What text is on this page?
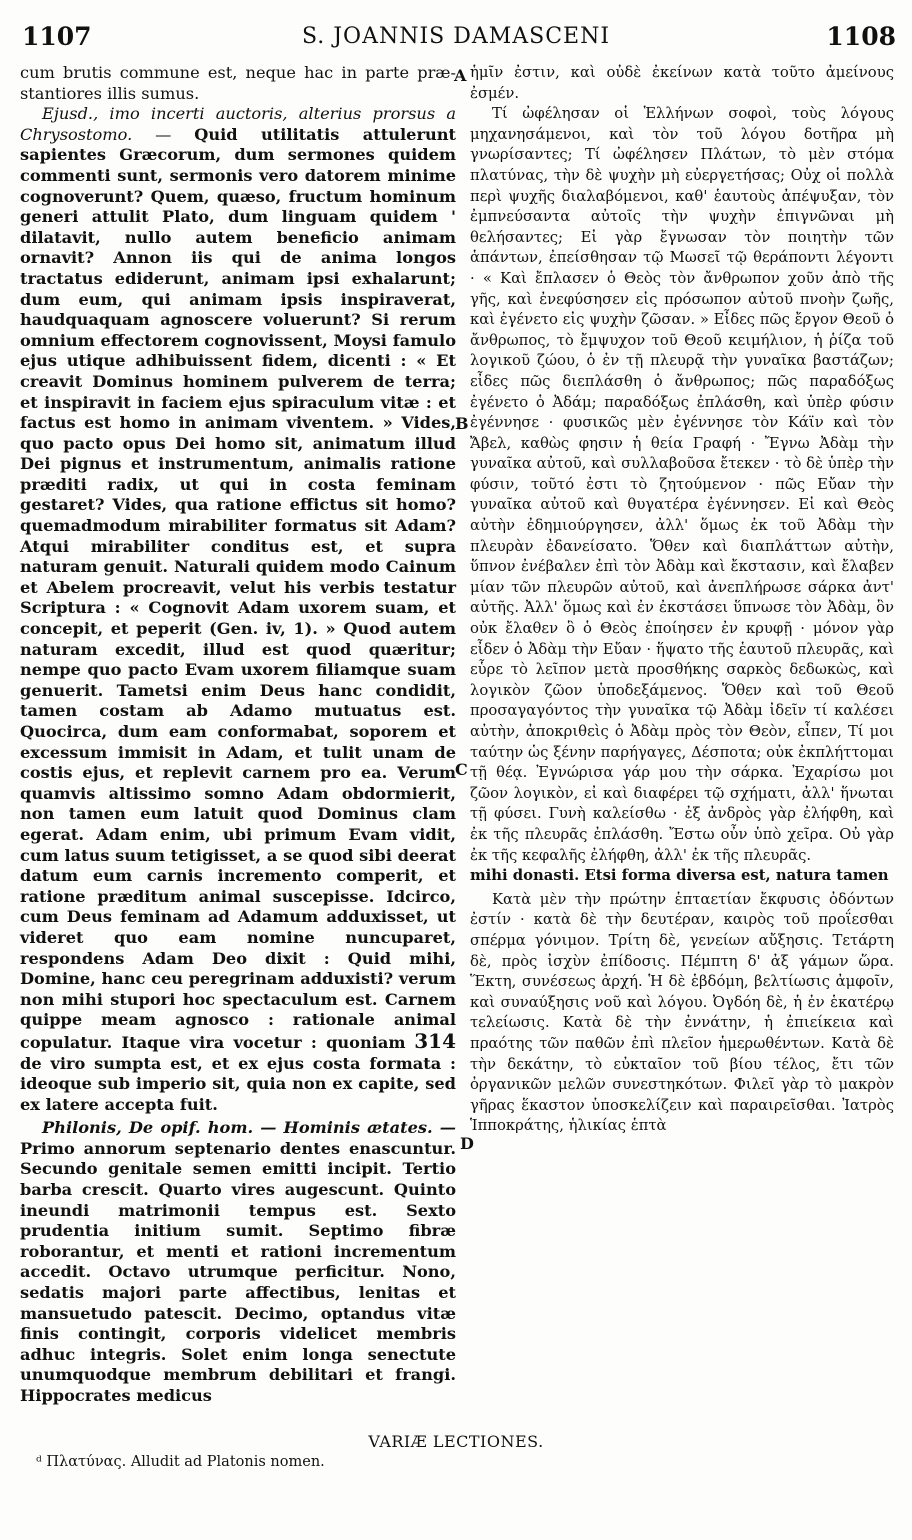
1107	S. JOANNIS DAMASCENI	1108

cum brutis commune est, neque hac in parte præ-stantiores illis sumus.

Ejusd., imo incerti auctoris, alterius prorsus a Chrysostomo. — Quid utilitatis attulerunt sapientes Græcorum, dum sermones quidem commenti sunt, sermonis vero datorem minime cognoverunt? Quem, quæso, fructum hominum generi attulit Plato, dum linguam quidem ' dilatavit, nullo autem beneficio animam ornavit? Annon iis qui de anima longos tractatus ediderunt, animam ipsi exhalarunt; dum eum, qui animam ipsis inspiraverat, haudquaquam agnoscere voluerunt? Si rerum omnium effectorem cognovissent, Moysi famulo ejus utique adhibuissent fidem, dicenti : « Et creavit Dominus hominem pulverem de terra; et inspiravit in faciem ejus spiraculum vitæ : et factus est homo in animam viventem. » Vides, quo pacto opus Dei homo sit, animatum illud Dei pignus et instrumentum, animalis ratione præditi radix, ut qui in costa feminam gestaret? Vides, qua ratione effictus sit homo? quemadmodum mirabiliter formatus sit Adam? Atqui mirabiliter conditus est, et supra naturam genuit. Naturali quidem modo Cainum et Abelem procreavit, velut his verbis testatur Scriptura : « Cognovit Adam uxorem suam, et concepit, et peperit (Gen. iv, 1). » Quod autem naturam excedit, illud est quod quæritur; nempe quo pacto Evam uxorem filiamque suam genuerit. Tametsi enim Deus hanc condidit, tamen costam ab Adamo mutuatus est. Quocirca, dum eam conformabat, soporem et excessum immisit in Adam, et tulit unam de costis ejus, et replevit carnem pro ea. Verum quamvis altissimo somno Adam obdormierit, non tamen eum latuit quod Dominus clam egerat. Adam enim, ubi primum Evam vidit, cum latus suum tetigisset, a se quod sibi deerat datum eum carnis incremento comperit, et ratione præditum animal suscepisse. Idcirco, cum Deus feminam ad Adamum adduxisset, ut videret quo eam nomine nuncuparet, respondens Adam Deo dixit : Quid mihi, Domine, hanc ceu peregrinam adduxisti? verum non mihi stupori hoc spectaculum est. Carnem quippe meam agnosco : rationale animal copulatur. Itaque vira vocetur : quoniam 314 de viro sumpta est, et ex ejus costa formata : ideoque sub imperio sit, quia non ex capite, sed ex latere accepta fuit.

Philonis, De opif. hom. — Hominis ætates. — Primo annorum septenario dentes enascuntur. Secundo genitale semen emitti incipit. Tertio barba crescit. Quarto vires augescunt. Quinto ineundi matrimonii tempus est. Sexto prudentia initium sumit. Septimo fibræ roborantur, et menti et rationi incrementum accedit. Octavo utrumque perficitur. Nono, sedatis majori parte affectibus, lenitas et mansuetudo patescit. Decimo, optandus vitæ finis contingit, corporis videlicet membris adhuc integris. Solet enim longa senectute unumquodque membrum debilitari et frangi. Hippocrates medicus

ἡμῖν ἐστιν, καὶ οὐδὲ ἐκείνων κατὰ τοῦτο ἀμείνους ἐσμέν.

Τί ὠφέλησαν οἱ Ἑλλήνων σοφοὶ, τοὺς λόγους μηχανησάμενοι, καὶ τὸν τοῦ λόγου δοτῆρα μὴ γνωρίσαντες; Τί ὠφέλησεν Πλάτων, τὸ μὲν στόμα πλατύνας, τὴν δὲ ψυχὴν μὴ εὐεργετήσας; Οὐχ οἱ πολλὰ περὶ ψυχῆς διαλαβόμενοι, καθ' ἑαυτοὺς ἀπέψυξαν, τὸν ἐμπνεύσαντα αὐτοῖς τὴν ψυχὴν ἐπιγνῶναι μὴ θελήσαντες; Εἰ γὰρ ἔγνωσαν τὸν ποιητὴν τῶν ἁπάντων, ἐπείσθησαν τῷ Μωσεῖ τῷ θεράποντι λέγοντι · « Καὶ ἔπλασεν ὁ Θεὸς τὸν ἄνθρωπον χοῦν ἀπὸ τῆς γῆς, καὶ ἐνεφύσησεν εἰς πρόσωπον αὐτοῦ πνοὴν ζωῆς, καὶ ἐγένετο εἰς ψυχὴν ζῶσαν. » Εἶδες πῶς ἔργον Θεοῦ ὁ ἄνθρωπος, τὸ ἔμψυχον τοῦ Θεοῦ κειμήλιον, ἡ ῥίζα τοῦ λογικοῦ ζώου, ὁ ἐν τῇ πλευρᾷ τὴν γυναῖκα βαστάζων; εἶδες πῶς διεπλάσθη ὁ ἄνθρωπος; πῶς παραδόξως ἐγένετο ὁ Ἀδάμ; παραδόξως ἐπλάσθη, καὶ ὑπὲρ φύσιν ἐγέννησε · φυσικῶς μὲν ἐγέννησε τὸν Κάϊν καὶ τὸν Ἄβελ, καθὼς φησιν ἡ θεία Γραφή · Ἔγνω Ἀδὰμ τὴν γυναῖκα αὐτοῦ, καὶ συλλαβοῦσα ἔτεκεν · τὸ δὲ ὑπὲρ τὴν φύσιν, τοῦτό ἐστι τὸ ζητούμενον · πῶς Εὔαν τὴν γυναῖκα αὐτοῦ καὶ θυγατέρα ἐγέννησεν. Εἰ καὶ Θεὸς αὐτὴν ἐδημιούργησεν, ἀλλ' ὅμως ἐκ τοῦ Ἀδὰμ τὴν πλευρὰν ἐδανείσατο. Ὅθεν καὶ διαπλάττων αὐτὴν, ὕπνον ἐνέβαλεν ἐπὶ τὸν Ἀδὰμ καὶ ἔκστασιν, καὶ ἔλαβεν μίαν τῶν πλευρῶν αὐτοῦ, καὶ ἀνεπλήρωσε σάρκα ἀντ' αὐτῆς. Ἀλλ' ὅμως καὶ ἐν ἐκστάσει ὕπνωσε τὸν Ἀδὰμ, ὃν οὐκ ἔλαθεν ὃ ὁ Θεὸς ἐποίησεν ἐν κρυφῇ · μόνον γὰρ εἶδεν ὁ Ἀδὰμ τὴν Εὔαν · ἥψατο τῆς ἑαυτοῦ πλευρᾶς, καὶ εὗρε τὸ λεῖπον μετὰ προσθήκης σαρκὸς δεδωκὼς, καὶ λογικὸν ζῶον ὑποδεξάμενος. Ὅθεν καὶ τοῦ Θεοῦ προσαγαγόντος τὴν γυναῖκα τῷ Ἀδὰμ ἰδεῖν τί καλέσει αὐτὴν, ἀποκριθεὶς ὁ Ἀδὰμ πρὸς τὸν Θεὸν, εἶπεν, Τί μοι ταύτην ὡς ξένην παρήγαγες, Δέσποτα; οὐκ ἐκπλήττομαι τῇ θέᾳ. Ἐγνώρισα γάρ μου τὴν σάρκα. Ἐχαρίσω μοι ζῶον λογικὸν, εἰ καὶ διαφέρει τῷ σχήματι, ἀλλ' ἥνωται τῇ φύσει. Γυνὴ καλείσθω · ἐξ ἀνδρὸς γὰρ ἐλήφθη, καὶ ἐκ τῆς πλευρᾶς ἐπλάσθη. Ἔστω οὖν ὑπὸ χεῖρα. Οὐ γὰρ ἐκ τῆς κεφαλῆς ἐλήφθη, ἀλλ' ἐκ τῆς πλευρᾶς.

mihi donasti. Etsi forma diversa est, natura tamen

Κατὰ μὲν τὴν πρώτην ἑπταετίαν ἔκφυσις ὀδόντων ἐστίν · κατὰ δὲ τὴν δευτέραν, καιρὸς τοῦ προΐεσθαι σπέρμα γόνιμον. Τρίτη δὲ, γενείων αὔξησις. Τετάρτη δὲ, πρὸς ἰσχὺν ἐπίδοσις. Πέμπτη δ' ἀξ γάμων ὥρα. Ἕκτη, συνέσεως ἀρχή. Ἡ δὲ ἑβδόμη, βελτίωσις ἀμφοῖν, καὶ συναύξησις νοῦ καὶ λόγου. Ὀγδόη δὲ, ἡ ἐν ἑκατέρῳ τελείωσις. Κατὰ δὲ τὴν ἐννάτην, ἡ ἐπιείκεια καὶ πραότης τῶν παθῶν ἐπὶ πλεῖον ἡμερωθέντων. Κατὰ δὲ τὴν δεκάτην, τὸ εὐκταῖον τοῦ βίου τέλος, ἔτι τῶν ὀργανικῶν μελῶν συνεστηκότων. Φιλεῖ γὰρ τὸ μακρὸν γῆρας ἕκαστον ὑποσκελίζειν καὶ παραιρεῖσθαι. Ἰατρὸς Ἱπποκράτης, ἡλικίας ἑπτὰ

A
B
C
D
VARIÆ LECTIONES.
ᵈ Πλατύνας. Alludit ad Platonis nomen.
